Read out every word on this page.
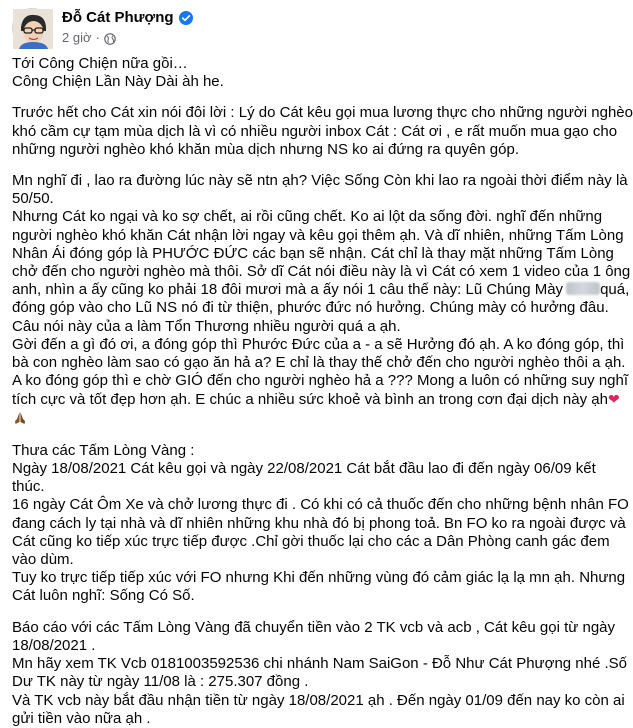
Đỗ Cát Phượng
2 giờ ·
Tới Công Chiện nữa gồi…
Công Chiện Lần Này Dài àh he.
Trước hết cho Cát xin nói đôi lời : Lý do Cát kêu gọi mua lương thực cho những người nghèo
khó cầm cự tạm mùa dịch là vì có nhiều người inbox Cát : Cát ơi , e rất muốn mua gạo cho
những người nghèo khó khăn mùa dịch nhưng NS ko ai đứng ra quyên góp.
Mn nghĩ đi , lao ra đường lúc này sẽ ntn ạh? Việc Sống Còn khi lao ra ngoài thời điểm này là
50/50.
Nhưng Cát ko ngại và ko sợ chết, ai rồi cũng chết. Ko ai lột da sống đời. nghĩ đến những
người nghèo khó khăn Cát nhận lời ngay và kêu gọi thêm ạh. Và dĩ nhiên, những Tấm Lòng
Nhân Ái đóng góp là PHƯỚC ĐỨC các bạn sẽ nhận. Cát chỉ là thay mặt những Tấm Lòng
chở đến cho người nghèo mà thôi. Sở dĩ Cát nói điều này là vì Cát có xem 1 video của 1 ông
anh, nhìn a ấy cũng ko phải 18 đôi mươi mà a ấy nói 1 câu thế này: Lũ Chúng Mày quá,
đóng góp vào cho Lũ NS nó đi từ thiện, phước đức nó hưởng. Chúng mày có hưởng đâu.
Câu nói này của a làm Tổn Thương nhiều người quá a ạh.
Gời đến a gì đó ơi, a đóng góp thì Phước Đức của a - a sẽ Hưởng đó ạh. A ko đóng góp, thì
bà con nghèo làm sao có gạo ăn hả a? E chỉ là thay thế chở đến cho người nghèo thôi a ạh.
A ko đóng góp thì e chờ GIÓ đến cho người nghèo hả a ??? Mong a luôn có những suy nghĩ
tích cực và tốt đẹp hơn ạh. E chúc a nhiều sức khoẻ và bình an trong cơn đại dịch này ạh❤
Thưa các Tấm Lòng Vàng :
Ngày 18/08/2021 Cát kêu gọi và ngày 22/08/2021 Cát bắt đầu lao đi đến ngày 06/09 kết
thúc.
16 ngày Cát Ôm Xe và chở lương thực đi . Có khi có cả thuốc đến cho những bệnh nhân FO
đang cách ly tại nhà và dĩ nhiên những khu nhà đó bị phong toả. Bn FO ko ra ngoài được và
Cát cũng ko tiếp xúc trực tiếp được .Chỉ gời thuốc lại cho các a Dân Phòng canh gác đem
vào dùm.
Tuy ko trực tiếp tiếp xúc với FO nhưng Khi đến những vùng đó cảm giác lạ lạ mn ạh. Nhưng
Cát luôn nghĩ: Sống Có Số.
Báo cáo với các Tấm Lòng Vàng đã chuyển tiền vào 2 TK vcb và acb , Cát kêu gọi từ ngày
18/08/2021 .
Mn hãy xem TK Vcb 0181003592536 chi nhánh Nam SaiGon - Đỗ Như Cát Phượng nhé .Số
Dư TK này từ ngày 11/08 là : 275.307 đồng .
Và TK vcb này bắt đầu nhận tiền từ ngày 18/08/2021 ạh . Đến ngày 01/09 đến nay ko còn ai
gửi tiền vào nữa ạh .
